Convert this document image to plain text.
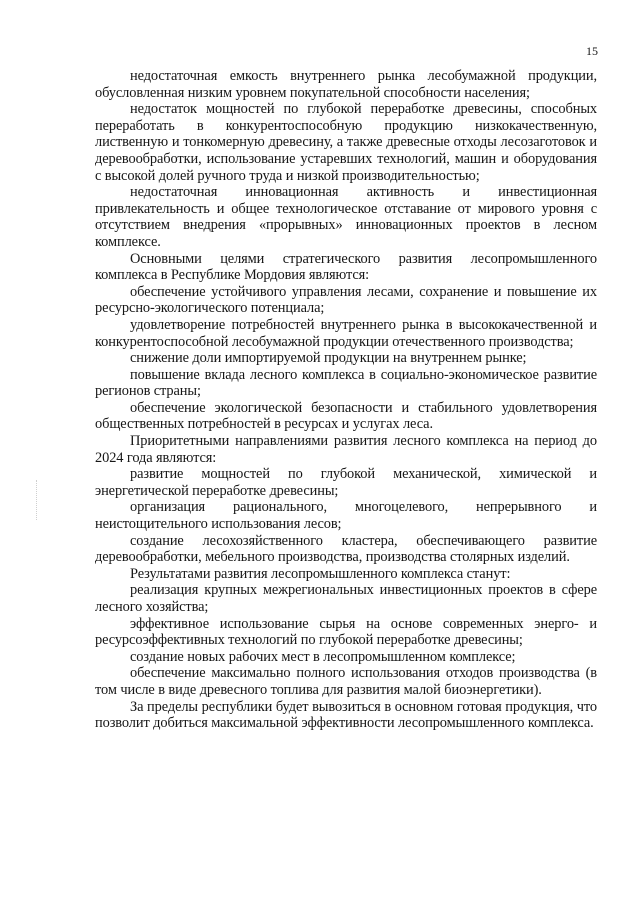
15

недостаточная емкость внутреннего рынка лесобумажной продукции, обусловленная низким уровнем покупательной способности населения;

недостаток мощностей по глубокой переработке древесины, способных переработать в конкурентоспособную продукцию низкокачественную, лиственную и тонкомерную древесину, а также древесные отходы лесозаготовок и деревообработки, использование устаревших технологий, машин и оборудования с высокой долей ручного труда и низкой производительностью;

недостаточная инновационная активность и инвестиционная привлекательность и общее технологическое отставание от мирового уровня с отсутствием внедрения «прорывных» инновационных проектов в лесном комплексе.

Основными целями стратегического развития лесопромышленного комплекса в Республике Мордовия являются:

обеспечение устойчивого управления лесами, сохранение и повышение их ресурсно-экологического потенциала;

удовлетворение потребностей внутреннего рынка в высококачественной и конкурентоспособной лесобумажной продукции отечественного производства;

снижение доли импортируемой продукции на внутреннем рынке;

повышение вклада лесного комплекса в социально-экономическое развитие регионов страны;

обеспечение экологической безопасности и стабильного удовлетворения общественных потребностей в ресурсах и услугах леса.

Приоритетными направлениями развития лесного комплекса на период до 2024 года являются:

развитие мощностей по глубокой механической, химической и энергетической переработке древесины;

организация рационального, многоцелевого, непрерывного и неистощительного использования лесов;

создание лесохозяйственного кластера, обеспечивающего развитие деревообработки, мебельного производства, производства столярных изделий.

Результатами развития лесопромышленного комплекса станут:

реализация крупных межрегиональных инвестиционных проектов в сфере лесного хозяйства;

эффективное использование сырья на основе современных энерго- и ресурсоэффективных технологий по глубокой переработке древесины;

создание новых рабочих мест в лесопромышленном комплексе;

обеспечение максимально полного использования отходов производства (в том числе в виде древесного топлива для развития малой биоэнергетики).

За пределы республики будет вывозиться в основном готовая продукция, что позволит добиться максимальной эффективности лесопромышленного комплекса.
